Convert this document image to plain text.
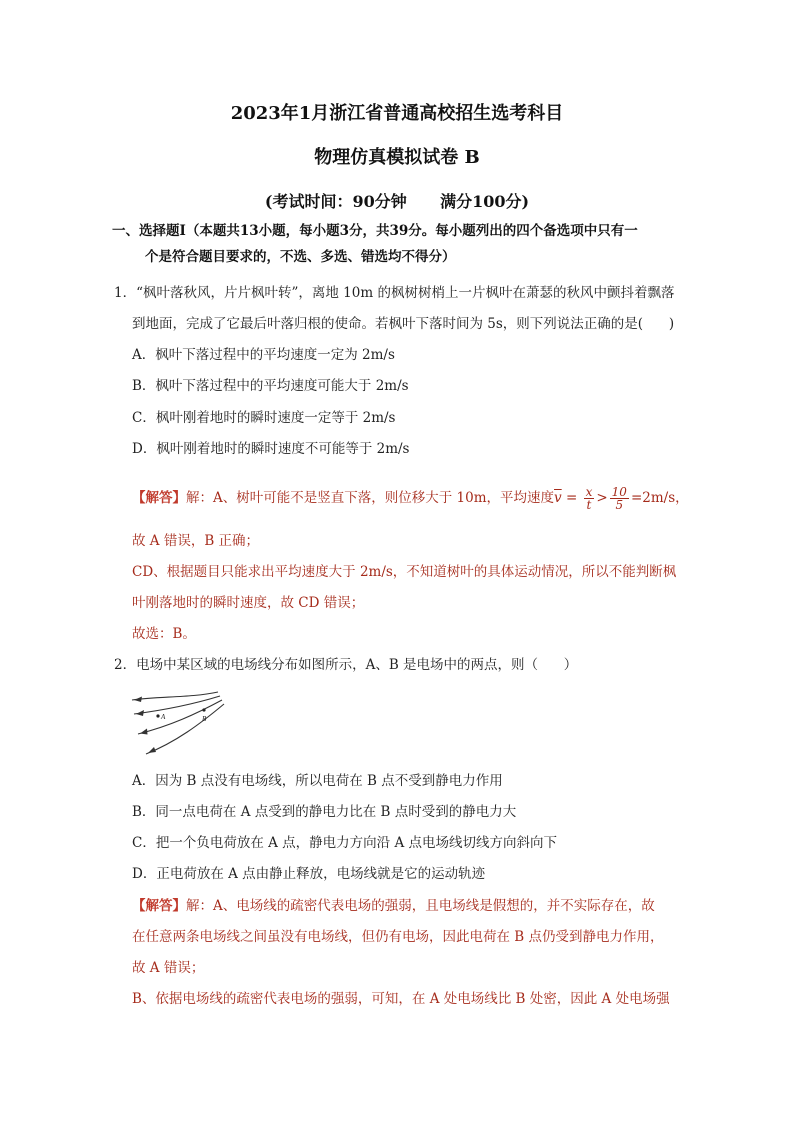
2023年1月浙江省普通高校招生选考科目
物理仿真模拟试卷 B
(考试时间：90分钟      满分100分)
一、选择题Ⅰ（本题共13小题，每小题3分，共39分。每小题列出的四个备选项中只有一
个是符合题目要求的，不选、多选、错选均不得分）
1．“枫叶落秋风，片片枫叶转”，离地 10m 的枫树树梢上一片枫叶在萧瑟的秋风中颤抖着飘落
到地面，完成了它最后叶落归根的使命。若枫叶下落时间为 5s，则下列说法正确的是(      )
A．枫叶下落过程中的平均速度一定为 2m/s
B．枫叶下落过程中的平均速度可能大于 2m/s
C．枫叶刚着地时的瞬时速度一定等于 2m/s
D．枫叶刚着地时的瞬时速度不可能等于 2m/s
【解答】解：A、树叶可能不是竖直下落，则位移大于 10m，平均速度$\overline{v} = \frac{x}{t} > \frac{10}{5} =2m/s$，
故 A 错误，B 正确；
CD、根据题目只能求出平均速度大于 2m/s，不知道树叶的具体运动情况，所以不能判断枫
叶刚落地时的瞬时速度，故 CD 错误；
故选：B。
2．电场中某区域的电场线分布如图所示，A、B 是电场中的两点，则（      ）
A	B
A．因为 B 点没有电场线，所以电荷在 B 点不受到静电力作用
B．同一点电荷在 A 点受到的静电力比在 B 点时受到的静电力大
C．把一个负电荷放在 A 点，静电力方向沿 A 点电场线切线方向斜向下
D．正电荷放在 A 点由静止释放，电场线就是它的运动轨迹
【解答】解：A、电场线的疏密代表电场的强弱，且电场线是假想的，并不实际存在，故
在任意两条电场线之间虽没有电场线，但仍有电场，因此电荷在 B 点仍受到静电力作用，
故 A 错误；
B、依据电场线的疏密代表电场的强弱，可知，在 A 处电场线比 B 处密，因此 A 处电场强
